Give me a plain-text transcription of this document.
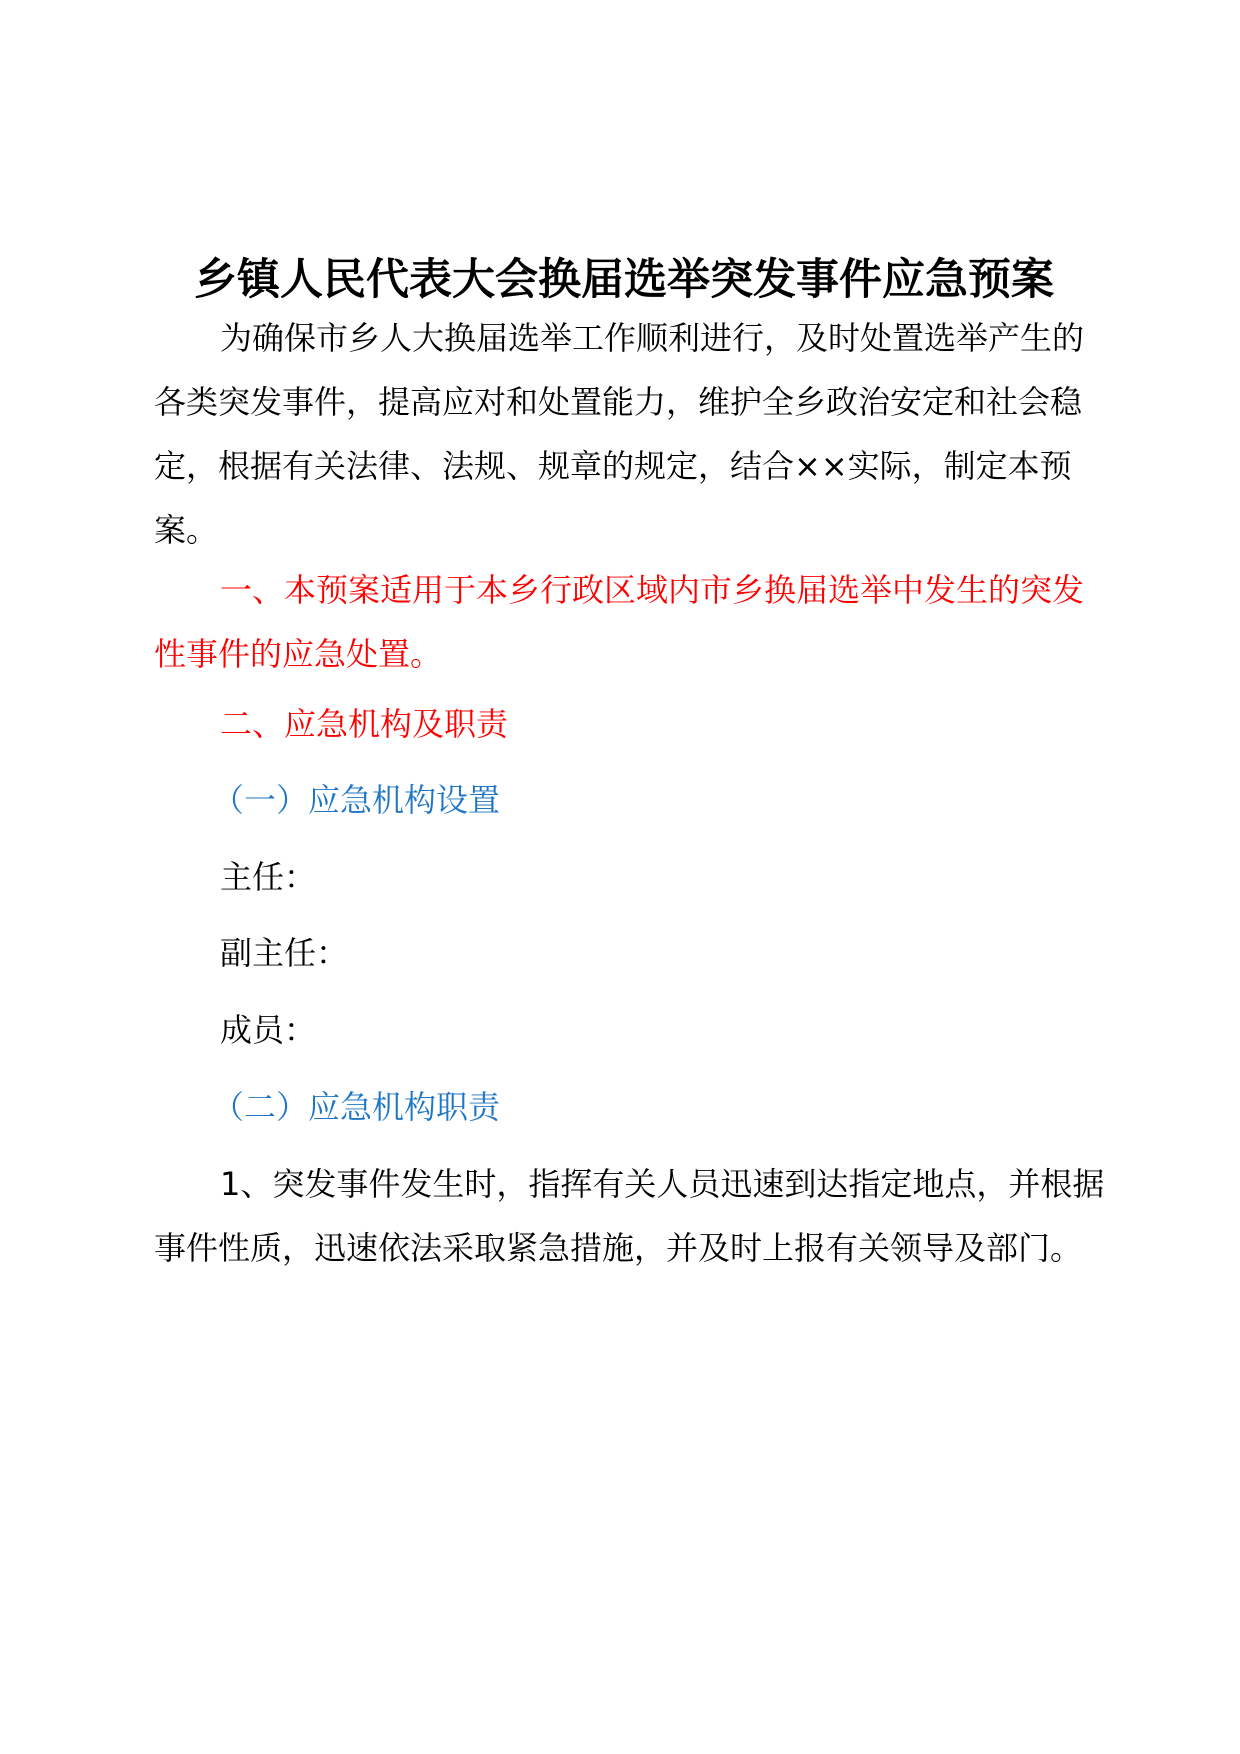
乡镇人民代表大会换届选举突发事件应急预案
为确保市乡人大换届选举工作顺利进行，及时处置选举产生的各类突发事件，提高应对和处置能力，维护全乡政治安定和社会稳定，根据有关法律、法规、规章的规定，结合××实际，制定本预案。
一、本预案适用于本乡行政区域内市乡换届选举中发生的突发性事件的应急处置。
二、应急机构及职责
（一）应急机构设置
主任：
副主任：
成员：
（二）应急机构职责
1、突发事件发生时，指挥有关人员迅速到达指定地点，并根据事件性质，迅速依法采取紧急措施，并及时上报有关领导及部门。
